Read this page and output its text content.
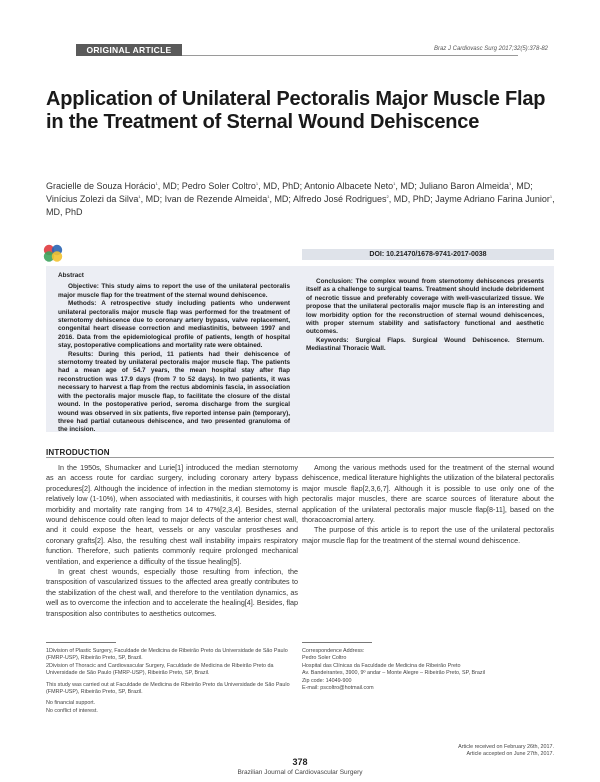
ORIGINAL ARTICLE	Braz J Cardiovasc Surg 2017;32(5):378-82
Application of Unilateral Pectoralis Major Muscle Flap in the Treatment of Sternal Wound Dehiscence
Gracielle de Souza Horácio$^1$, MD; Pedro Soler Coltro$^1$, MD, PhD; Antonio Albacete Neto$^1$, MD; Juliano Baron Almeida$^1$, MD; Vinícius Zolezi da Silva$^1$, MD; Ivan de Rezende Almeida$^1$, MD; Alfredo José Rodrigues$^2$, MD, PhD; Jayme Adriano Farina Junior$^1$, MD, PhD
DOI: 10.21470/1678-9741-2017-0038

Abstract

Objective: This study aims to report the use of the unilateral pectoralis major muscle flap for the treatment of the sternal wound dehiscence.

Methods: A retrospective study including patients who underwent unilateral pectoralis major muscle flap was performed for the treatment of sternotomy dehiscence due to coronary artery bypass, valve replacement, congenital heart disease correction and mediastinitis, between 1997 and 2016. Data from the epidemiological profile of patients, length of hospital stay, postoperative complications and mortality rate were obtained.

Results: During this period, 11 patients had their dehiscence of sternotomy treated by unilateral pectoralis major muscle flap. The patients had a mean age of 54.7 years, the mean hospital stay after flap reconstruction was 17.9 days (from 7 to 52 days). In two patients, it was necessary to harvest a flap from the rectus abdominis fascia, in association with the pectoralis major muscle flap, to facilitate the closure of the distal wound. In the postoperative period, seroma discharge from the surgical wound was observed in six patients, five reported intense pain (temporary), three had partial cutaneous dehiscence, and two presented granuloma of the incision.

Conclusion: The complex wound from sternotomy dehiscences presents itself as a challenge to surgical teams. Treatment should include debridement of necrotic tissue and preferably coverage with well-vascularized tissue. We propose that the unilateral pectoralis major muscle flap is an interesting and low morbidity option for the reconstruction of sternal wound dehiscences, with proper sternum stability and satisfactory functional and aesthetic outcomes.

Keywords: Surgical Flaps. Surgical Wound Dehiscence. Sternum. Mediastinal Thoracic Wall.

INTRODUCTION

In the 1950s, Shumacker and Lurie[1] introduced the median sternotomy as an access route for cardiac surgery, including coronary artery bypass procedures[2]. Although the incidence of infection in the median sternotomy is relatively low (1-10%), when associated with mediastinitis, it courses with high morbidity and mortality rate ranging from 14 to 47%[2,3,4]. Besides, sternal wound dehiscence could often lead to major defects of the anterior chest wall, and it could expose the heart, vessels or any vascular prostheses and coronary grafts[2]. Also, the resulting chest wall instability impairs respiratory function. Therefore, such patients commonly require prolonged mechanical ventilation, and experience a difficulty of the tissue healing[5].

In great chest wounds, especially those resulting from infection, the transposition of vascularized tissues to the affected area greatly contributes to the stabilization of the chest wall, and therefore to the ventilation dynamics, as well as to overcome the infection and to accelerate the healing[4]. Besides, flap transposition also contributes to aesthetics outcomes.

Among the various methods used for the treatment of the sternal wound dehiscence, medical literature highlights the utilization of the bilateral pectoralis major muscle flap[2,3,6,7]. Although it is possible to use only one of the pectoralis major muscles, there are scarce sources of literature about the application of the unilateral pectoralis major muscle flap[8-11], based on the thoracoacromial artery.

The purpose of this article is to report the use of the unilateral pectoralis major muscle flap for the treatment of the sternal wound dehiscence.

1Division of Plastic Surgery, Faculdade de Medicina de Ribeirão Preto da Universidade de São Paulo (FMRP-USP), Ribeirão Preto, SP, Brazil.

2Division of Thoracic and Cardiovascular Surgery, Faculdade de Medicina de Ribeirão Preto da Universidade de São Paulo (FMRP-USP), Ribeirão Preto, SP, Brazil.

This study was carried out at Faculdade de Medicina de Ribeirão Preto da Universidade de São Paulo (FMRP-USP), Ribeirão Preto, SP, Brazil.

No financial support.

No conflict of interest.

Correspondence Address:

Pedro Soler Coltro

Hospital das Clínicas da Faculdade de Medicina de Ribeirão Preto

Av. Bandeirantes, 3900, 9º andar – Monte Alegre – Ribeirão Preto, SP, Brazil

Zip code: 14049-900

E-mail: pscoltro@hotmail.com

Article received on February 26th, 2017.
Article accepted on June 27th, 2017.
378
Brazilian Journal of Cardiovascular Surgery
